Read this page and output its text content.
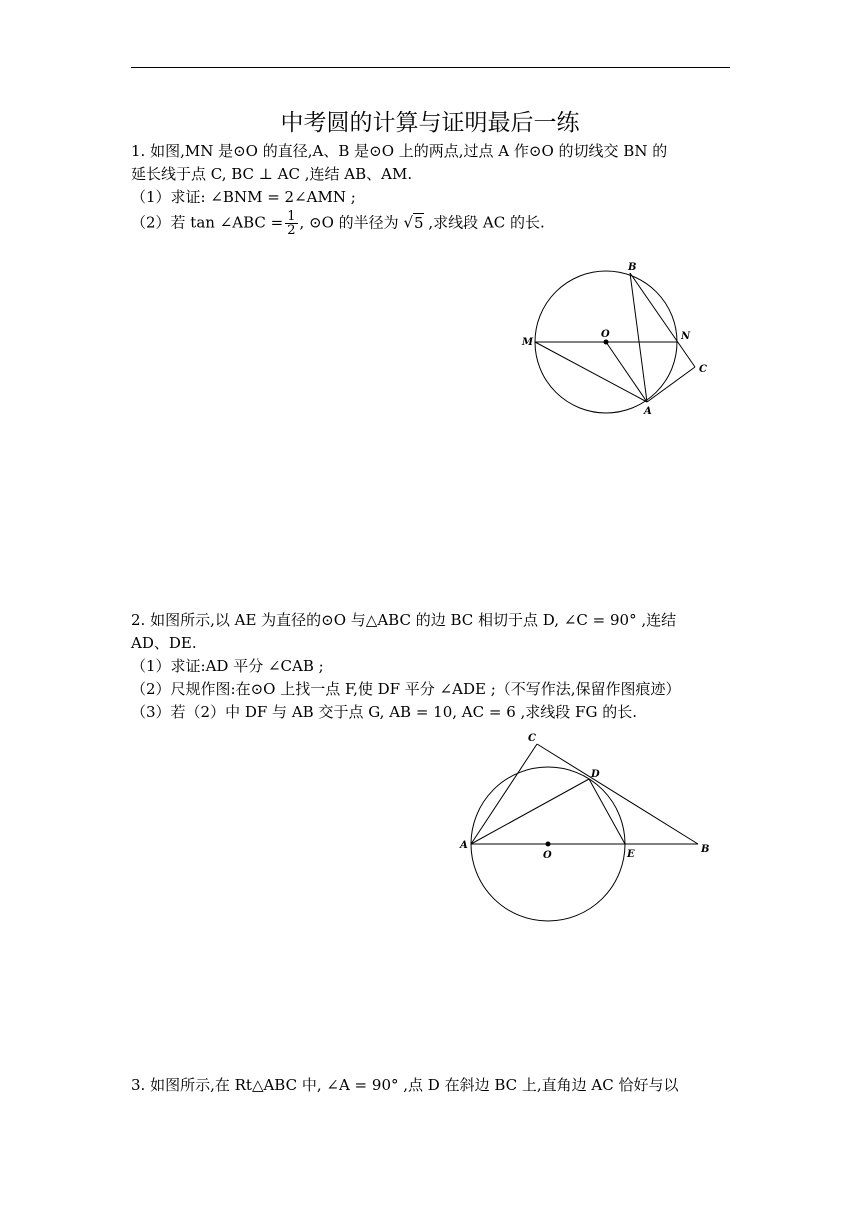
中考圆的计算与证明最后一练
1. 如图,MN 是⊙O 的直径,A、B 是⊙O 上的两点,过点 A 作⊙O 的切线交 BN 的
延长线于点 C, BC ⊥ AC ,连结 AB、AM.
（1）求证: ∠BNM = 2∠AMN ;
（2）若 tan ∠ABC = $\frac{1}{2}$ , ⊙O 的半径为 √5 ,求线段 AC 的长.
B
O	N
M
C
A
2. 如图所示,以 AE 为直径的⊙O 与△ABC 的边 BC 相切于点 D, ∠C = 90° ,连结
AD、DE.
（1）求证:AD 平分 ∠CAB ;
（2）尺规作图:在⊙O 上找一点 F,使 DF 平分 ∠ADE ;（不写作法,保留作图痕迹）
（3）若（2）中 DF 与 AB 交于点 G, AB = 10, AC = 6 ,求线段 FG 的长.
C
D
A
O	E	B
3. 如图所示,在 Rt△ABC 中, ∠A = 90° ,点 D 在斜边 BC 上,直角边 AC 恰好与以
